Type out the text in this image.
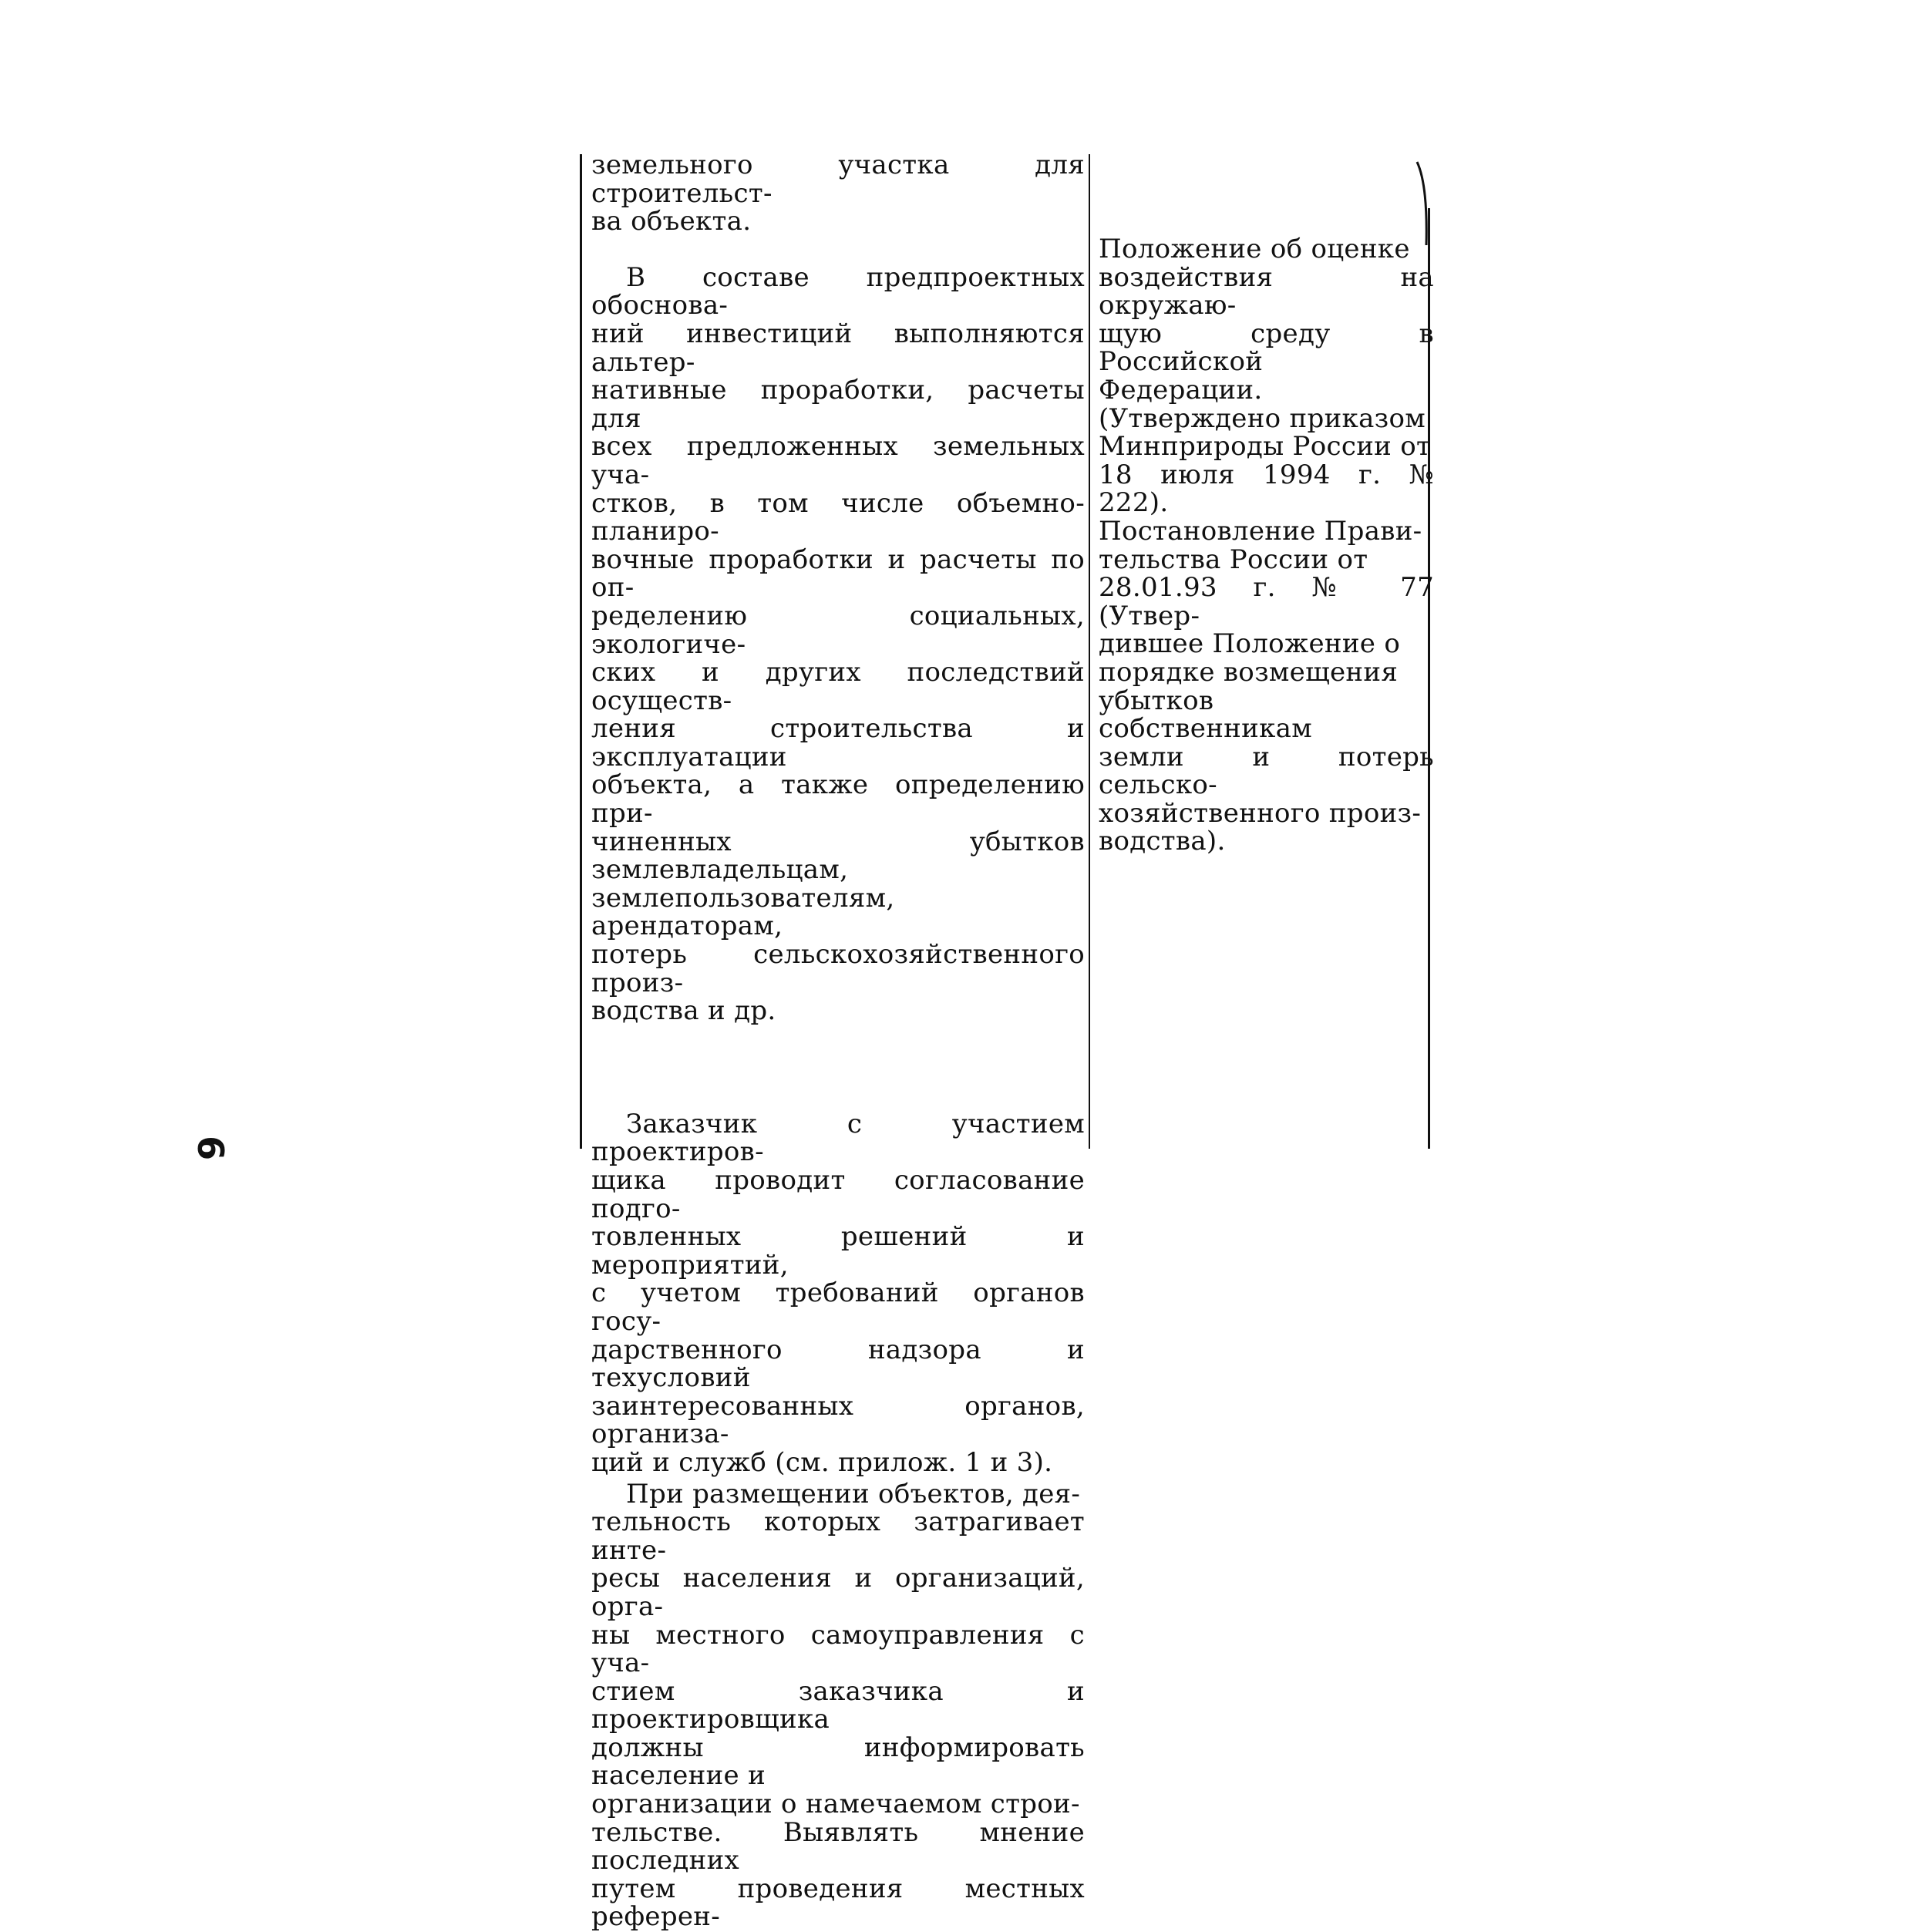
земельного участка для строительст-
ва объекта.

В составе предпроектных обоснова-
ний инвестиций выполняются альтер-
нативные проработки, расчеты для
всех предложенных земельных уча-
стков, в том числе объемно-планиро-
вочные проработки и расчеты по оп-
ределению социальных, экологиче-
ских и других последствий осуществ-
ления строительства и эксплуатации
объекта, а также определению при-
чиненных убытков землевладельцам,
землепользователям, арендаторам,
потерь сельскохозяйственного произ-
водства и др.

Заказчик с участием проектиров-
щика проводит согласование подго-
товленных решений и мероприятий,
с учетом требований органов госу-
дарственного надзора и техусловий
заинтересованных органов, организа-
ций и служб (см. прилож. 1 и 3).

При размещении объектов, дея-
тельность которых затрагивает инте-
ресы населения и организаций, орга-
ны местного самоуправления с уча-
стием заказчика и проектировщика
должны информировать население и
организации о намечаемом строи-
тельстве. Выявлять мнение последних
путем проведения местных референ-

Положение об оценке
воздействия на окружаю-
щую среду в Российской
Федерации.
(Утверждено приказом
Минприроды России от
18 июля 1994 г. № 222).
Постановление Прави-
тельства России от
28.01.93 г. № 77 (Утвер-
дившее Положение о
порядке возмещения
убытков собственникам
земли и потерь сельско-
хозяйственного произ-
водства).

9
